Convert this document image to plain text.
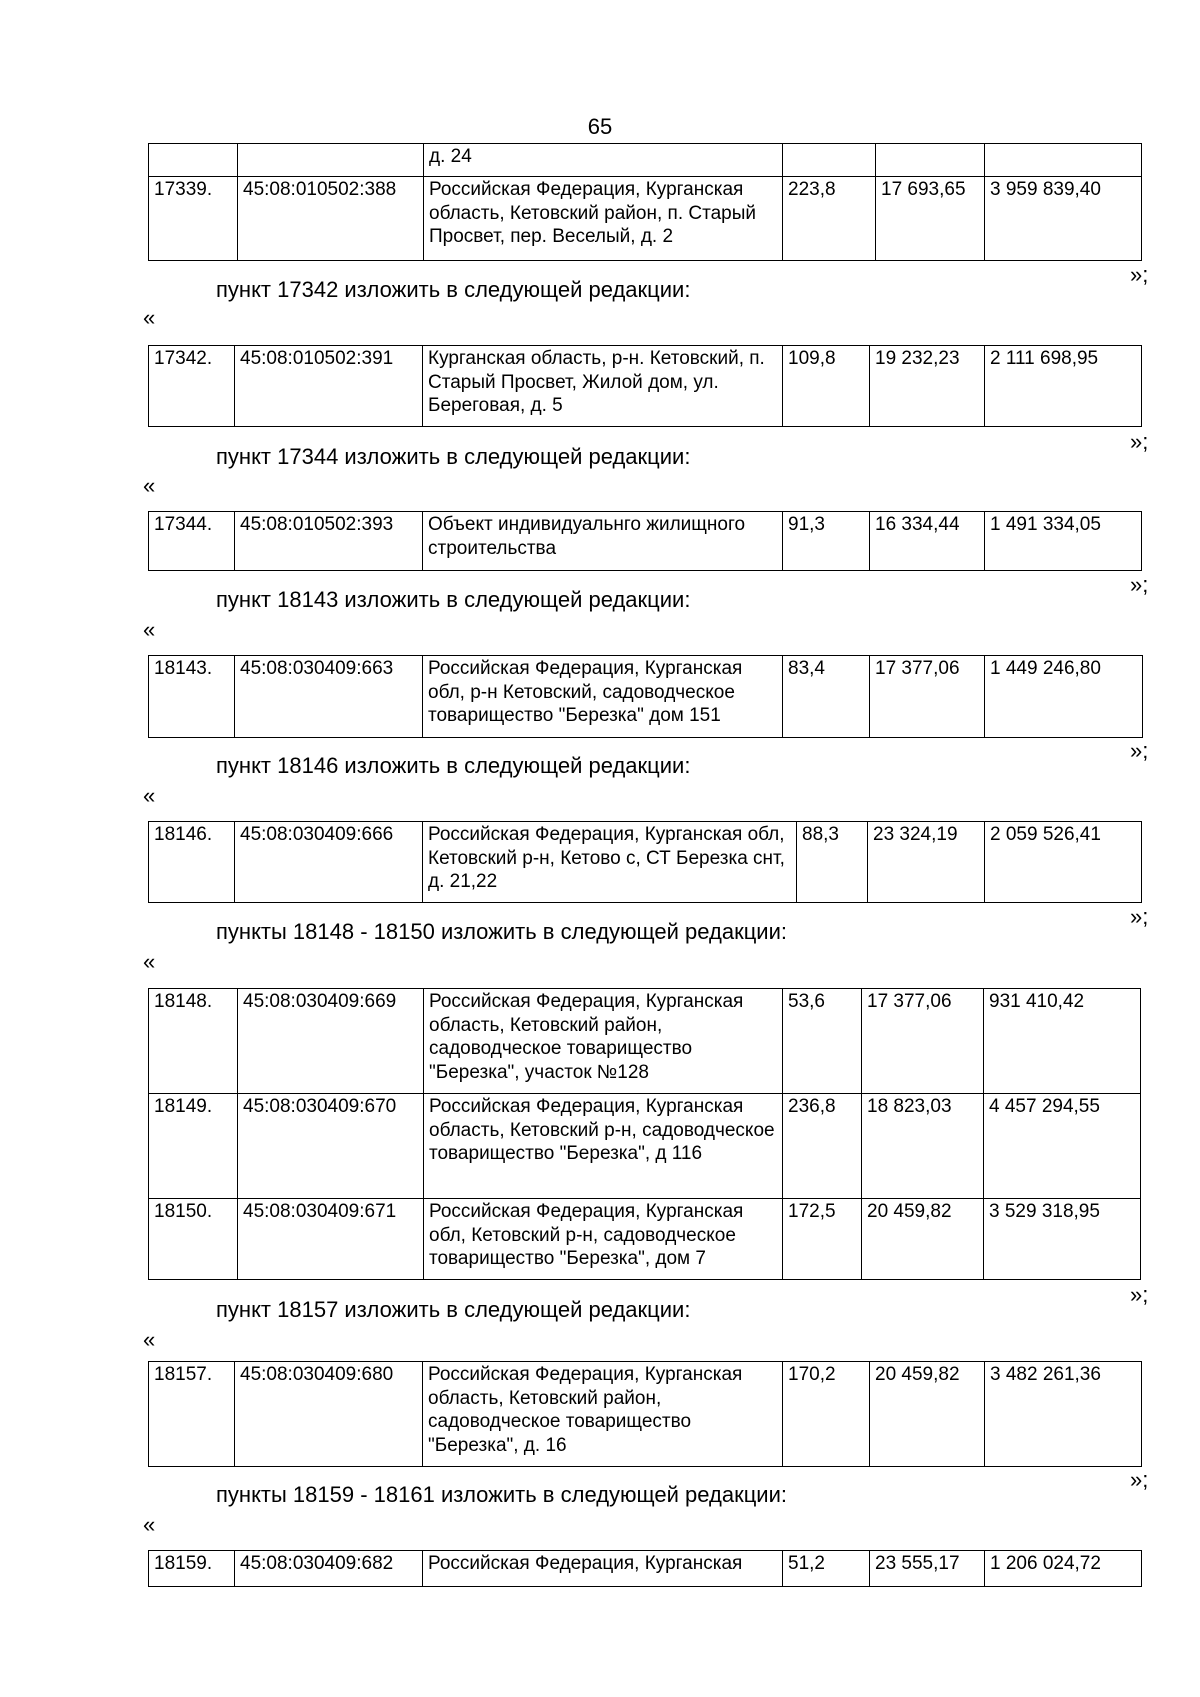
65
		д. 24			
17339.	45:08:010502:388	Российская Федерация, Курганская область, Кетовский район, п. Старый Просвет, пер. Веселый, д. 2	223,8	17 693,65	3 959 839,40
»;
пункт 17342 изложить в следующей редакции:
«
17342.	45:08:010502:391	Курганская область, р-н. Кетовский, п. Старый Просвет, Жилой дом, ул. Береговая, д. 5	109,8	19 232,23	2 111 698,95
»;
пункт 17344 изложить в следующей редакции:
«
17344.	45:08:010502:393	Объект индивидуальнго жилищного строительства	91,3	16 334,44	1 491 334,05
»;
пункт 18143 изложить в следующей редакции:
«
18143.	45:08:030409:663	Российская Федерация, Курганская обл, р-н Кетовский, садоводческое товарищество "Березка" дом 151	83,4	17 377,06	1 449 246,80
»;
пункт 18146 изложить в следующей редакции:
«
18146.	45:08:030409:666	Российская Федерация, Курганская обл, Кетовский р-н, Кетово с, СТ Березка снт, д. 21,22	88,3	23 324,19	2 059 526,41
»;
пункты 18148 - 18150 изложить в следующей редакции:
«
18148.	45:08:030409:669	Российская Федерация, Курганская область, Кетовский район, садоводческое товарищество "Березка", участок №128	53,6	17 377,06	931 410,42
18149.	45:08:030409:670	Российская Федерация, Курганская область, Кетовский р-н, садоводческое товарищество "Березка", д 116	236,8	18 823,03	4 457 294,55
18150.	45:08:030409:671	Российская Федерация, Курганская обл, Кетовский р-н, садоводческое товарищество "Березка", дом 7	172,5	20 459,82	3 529 318,95
»;
пункт 18157 изложить в следующей редакции:
«
18157.	45:08:030409:680	Российская Федерация, Курганская область, Кетовский район, садоводческое товарищество "Березка", д. 16	170,2	20 459,82	3 482 261,36
»;
пункты 18159 - 18161 изложить в следующей редакции:
«
18159.	45:08:030409:682	Российская Федерация, Курганская	51,2	23 555,17	1 206 024,72
